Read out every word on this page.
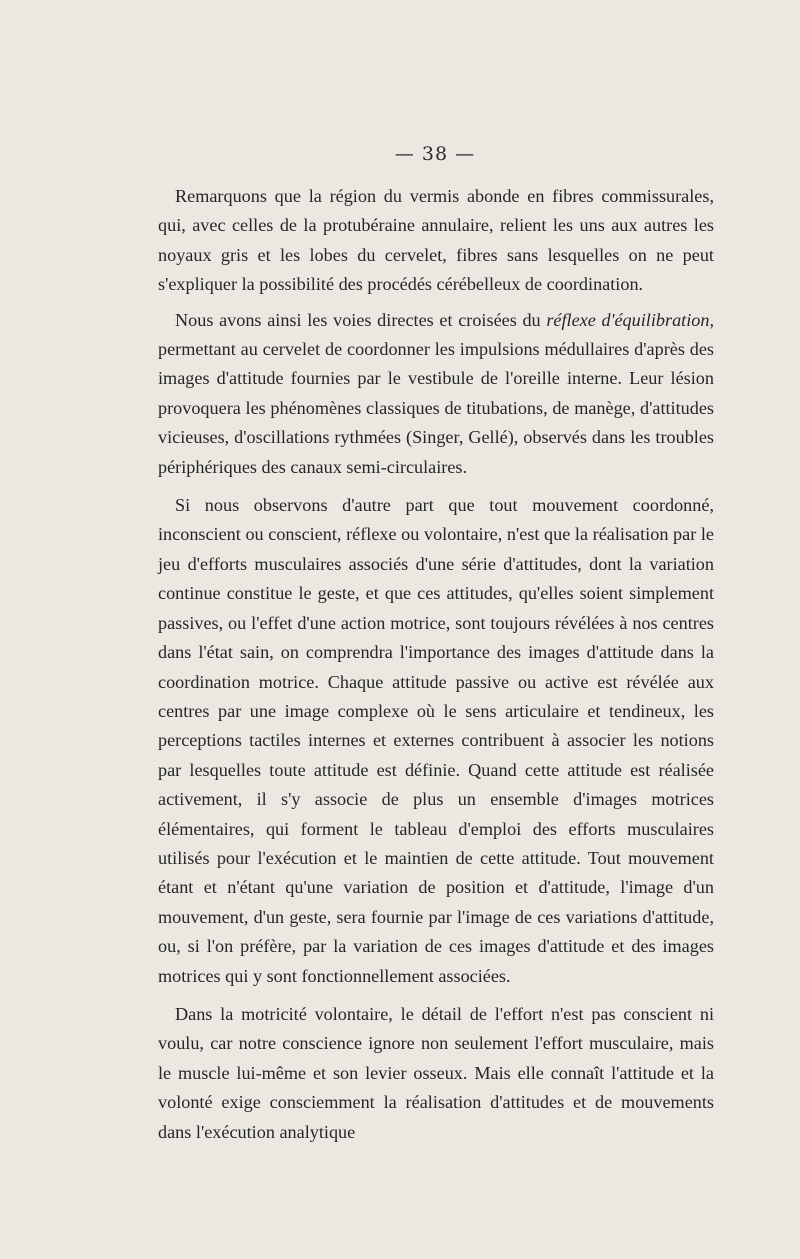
— 38 —

Remarquons que la région du vermis abonde en fibres commissurales, qui, avec celles de la protubéraine annulaire, relient les uns aux autres les noyaux gris et les lobes du cervelet, fibres sans lesquelles on ne peut s'expliquer la possibilité des procédés cérébelleux de coordination.

Nous avons ainsi les voies directes et croisées du réflexe d'équilibration, permettant au cervelet de coordonner les impulsions médullaires d'après des images d'attitude fournies par le vestibule de l'oreille interne. Leur lésion provoquera les phénomènes classiques de titubations, de manège, d'attitudes vicieuses, d'oscillations rythmées (Singer, Gellé), observés dans les troubles périphériques des canaux semi-circulaires.

Si nous observons d'autre part que tout mouvement coordonné, inconscient ou conscient, réflexe ou volontaire, n'est que la réalisation par le jeu d'efforts musculaires associés d'une série d'attitudes, dont la variation continue constitue le geste, et que ces attitudes, qu'elles soient simplement passives, ou l'effet d'une action motrice, sont toujours révélées à nos centres dans l'état sain, on comprendra l'importance des images d'attitude dans la coordination motrice. Chaque attitude passive ou active est révélée aux centres par une image complexe où le sens articulaire et tendineux, les perceptions tactiles internes et externes contribuent à associer les notions par lesquelles toute attitude est définie. Quand cette attitude est réalisée activement, il s'y associe de plus un ensemble d'images motrices élémentaires, qui forment le tableau d'emploi des efforts musculaires utilisés pour l'exécution et le maintien de cette attitude. Tout mouvement étant et n'étant qu'une variation de position et d'attitude, l'image d'un mouvement, d'un geste, sera fournie par l'image de ces variations d'attitude, ou, si l'on préfère, par la variation de ces images d'attitude et des images motrices qui y sont fonctionnellement associées.

Dans la motricité volontaire, le détail de l'effort n'est pas conscient ni voulu, car notre conscience ignore non seulement l'effort musculaire, mais le muscle lui-même et son levier osseux. Mais elle connaît l'attitude et la volonté exige consciemment la réalisation d'attitudes et de mouvements dans l'exécution analytique
